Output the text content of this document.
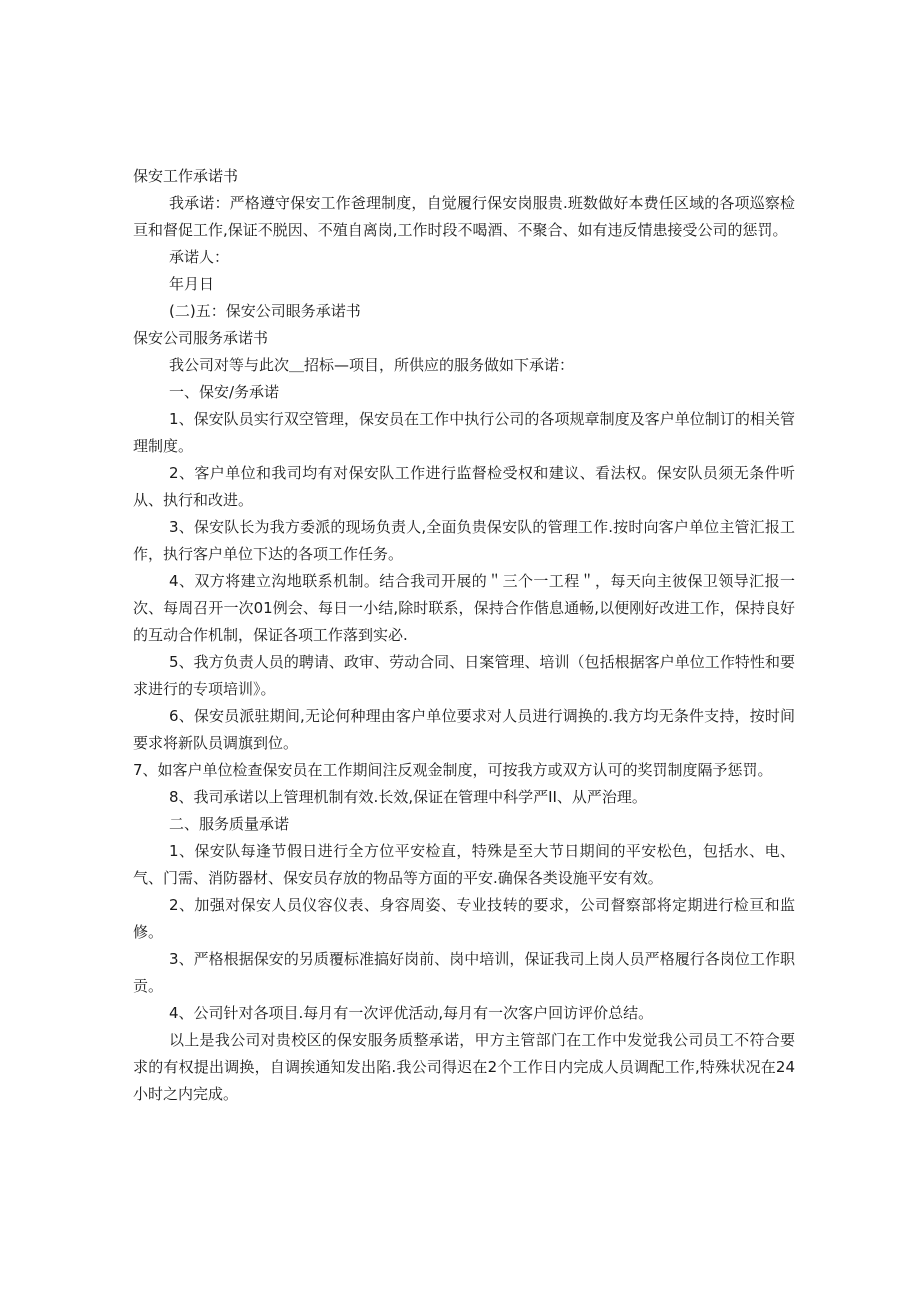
保安工作承诺书

我承诺：严格遵守保安工作爸理制度，自觉履行保安岗服贵.班数做好本费任区域的各项巡察检亘和督促工作,保证不脱因、不殖自离岗,工作时段不喝酒、不聚合、如有违反情患接受公司的惩罚。

承诺人：

年月日

(二)五：保安公司眼务承诺书

保安公司服务承诺书

我公司对等与此次＿招标—项目，所供应的服务做如下承诺：

一、保安/务承诺

1、保安队员实行双空管理，保安员在工作中执行公司的各项规章制度及客户单位制订的相关管理制度。

2、客户单位和我司均有对保安队工作进行监督检受权和建议、看法权。保安队员须无条件听从、执行和改进。

3、保安队长为我方委派的现场负责人,全面负贵保安队的管理工作.按时向客户单位主管汇报工作，执行客户单位下达的各项工作任务。

4、双方将建立沟地联系机制。结合我司开展的＂三个一工程＂，每天向主彼保卫领导汇报一次、每周召开一次01例会、每日一小结,除时联系，保持合作偕息通畅,以便刚好改进工作，保持良好的互动合作机制，保证各项工作落到实必.

5、我方负责人员的聘请、政审、劳动合同、日案管理、培训（包括根据客户单位工作特性和要求进行的专项培训》。

6、保安员派驻期间,无论何种理由客户单位要求对人员进行调换的.我方均无条件支持，按时间要求将新队员调旗到位。

7、如客户单位检查保安员在工作期间注反观金制度，可按我方或双方认可的奖罚制度隔予惩罚。

8、我司承诺以上管理机制有效.长效,保证在管理中科学严II、从严治理。

二、服务质量承诺

1、保安队每逢节假日进行全方位平安检直，特殊是至大节日期间的平安松色，包括水、电、气、门需、消防器材、保安员存放的物品等方面的平安.确保各类设施平安有效。

2、加强对保安人员仪容仪表、身容周姿、专业技转的要求，公司督察部将定期进行检亘和监修。

3、严格根据保安的另质覆标准搞好岗前、岗中培训，保证我司上岗人员严格履行各岗位工作职贡。

4、公司针对各项目.每月有一次评优活动,每月有一次客户回访评价总结。

以上是我公司对贵校区的保安服务质整承诺，甲方主管部门在工作中发觉我公司员工不符合要求的有权提出调换，自调挨通知发出陷.我公司得迟在2个工作日内完成人员调配工作,特殊状况在24小时之内完成。
